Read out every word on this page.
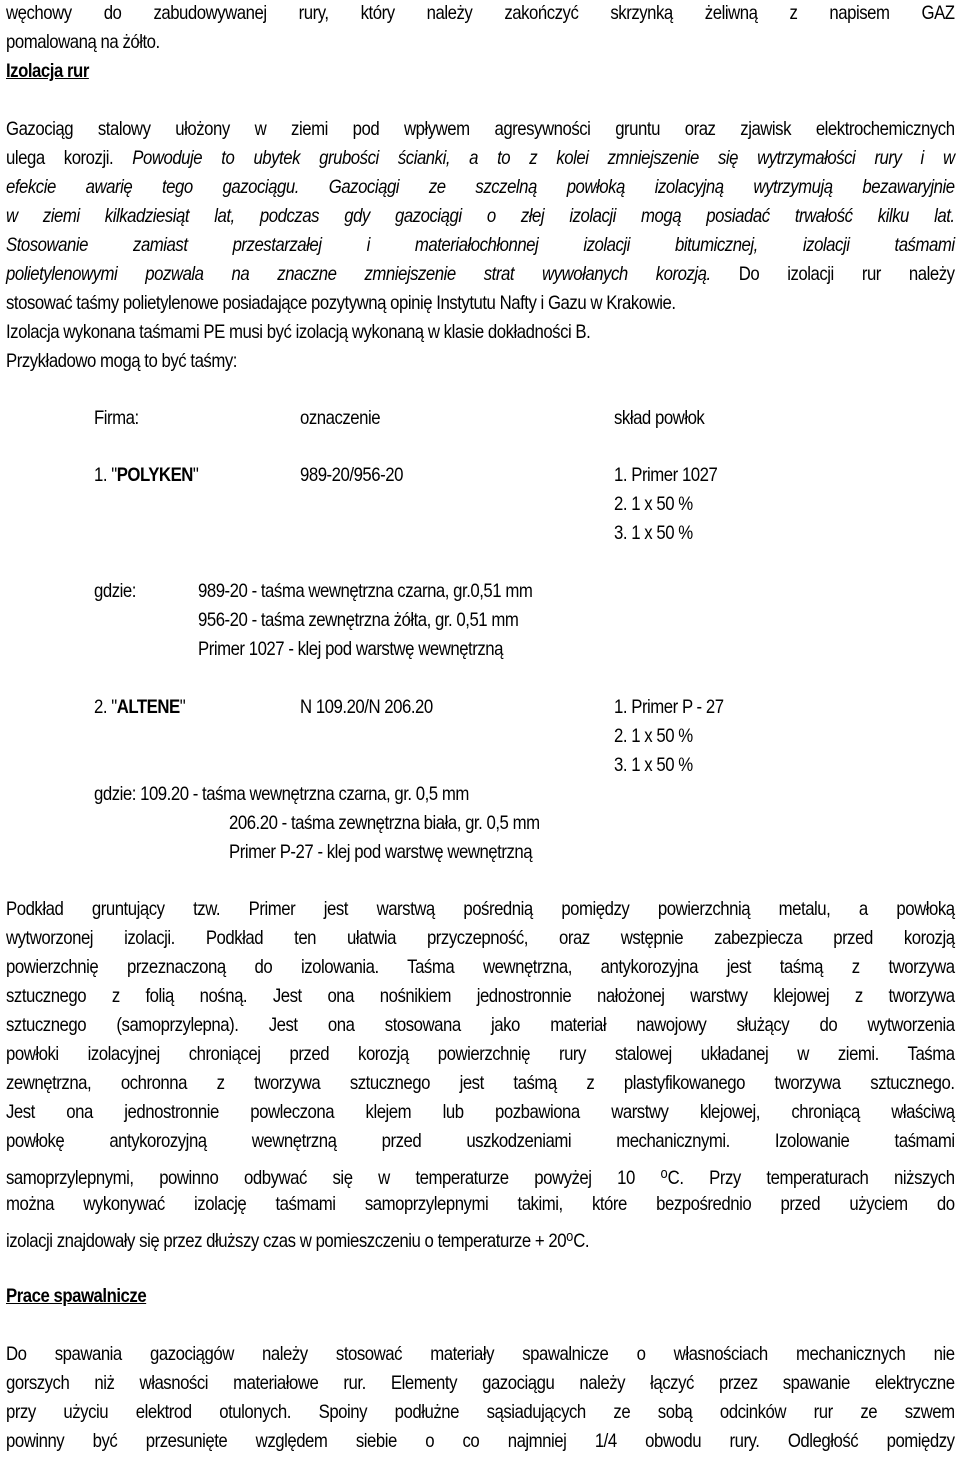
węchowy do zabudowywanej rury, który należy zakończyć skrzynką żeliwną z napisem GAZ
pomalowaną na żółto.
Izolacja rur
Gazociąg stalowy ułożony w ziemi pod wpływem agresywności gruntu oraz zjawisk elektrochemicznych
ulega korozji. Powoduje to ubytek grubości ścianki, a to z kolei zmniejszenie się wytrzymałości rury i w
efekcie awarię tego gazociągu. Gazociągi ze szczelną powłoką izolacyjną wytrzymują bezawaryjnie
w ziemi kilkadziesiąt lat, podczas gdy gazociągi o złej izolacji mogą posiadać trwałość kilku lat.
Stosowanie zamiast przestarzałej i materiałochłonnej izolacji bitumicznej, izolacji taśmami
polietylenowymi pozwala na znaczne zmniejszenie strat wywołanych korozją. Do izolacji rur należy
stosować taśmy polietylenowe posiadające pozytywną opinię Instytutu Nafty i Gazu w Krakowie.
Izolacja wykonana taśmami PE musi być izolacją wykonaną w klasie dokładności B.
Przykładowo mogą to być taśmy:
Firma:	oznaczenie	skład powłok
1. "POLYKEN"	989-20/956-20	1. Primer 1027
2. 1 x 50 %
3. 1 x 50 %
gdzie:	989-20 - taśma wewnętrzna czarna, gr.0,51 mm
956-20 - taśma zewnętrzna żółta, gr. 0,51 mm
Primer 1027 - klej pod warstwę wewnętrzną
2. "ALTENE"	N 109.20/N 206.20	1. Primer P - 27
2. 1 x 50 %
3. 1 x 50 %
gdzie: 109.20 - taśma wewnętrzna czarna, gr. 0,5 mm
206.20 - taśma zewnętrzna biała, gr. 0,5 mm
Primer P-27 - klej pod warstwę wewnętrzną
Podkład gruntujący tzw. Primer jest warstwą pośrednią pomiędzy powierzchnią metalu, a powłoką
wytworzonej izolacji. Podkład ten ułatwia przyczepność, oraz wstępnie zabezpiecza przed korozją
powierzchnię przeznaczoną do izolowania. Taśma wewnętrzna, antykorozyjna jest taśmą z tworzywa
sztucznego z folią nośną. Jest ona nośnikiem jednostronnie nałożonej warstwy klejowej z tworzywa
sztucznego (samoprzylepna). Jest ona stosowana jako materiał nawojowy służący do wytworzenia
powłoki izolacyjnej chroniącej przed korozją powierzchnię rury stalowej układanej w ziemi. Taśma
zewnętrzna, ochronna z tworzywa sztucznego jest taśmą z plastyfikowanego tworzywa sztucznego.
Jest ona jednostronnie powleczona klejem lub pozbawiona warstwy klejowej, chroniącą właściwą
powłokę antykorozyjną wewnętrzną przed uszkodzeniami mechanicznymi. Izolowanie taśmami
samoprzylepnymi, powinno odbywać się w temperaturze powyżej 10 $^o$C. Przy temperaturach niższych
można wykonywać izolację taśmami samoprzylepnymi takimi, które bezpośrednio przed użyciem do
izolacji znajdowały się przez dłuższy czas w pomieszczeniu o temperaturze + $20^oC$.
Prace spawalnicze
Do spawania gazociągów należy stosować materiały spawalnicze o własnościach mechanicznych nie
gorszych niż własności materiałowe rur. Elementy gazociągu należy łączyć przez spawanie elektryczne
przy użyciu elektrod otulonych. Spoiny podłużne sąsiadujących ze sobą odcinków rur ze szwem
powinny być przesunięte względem siebie o co najmniej 1/4 obwodu rury. Odległość pomiędzy
